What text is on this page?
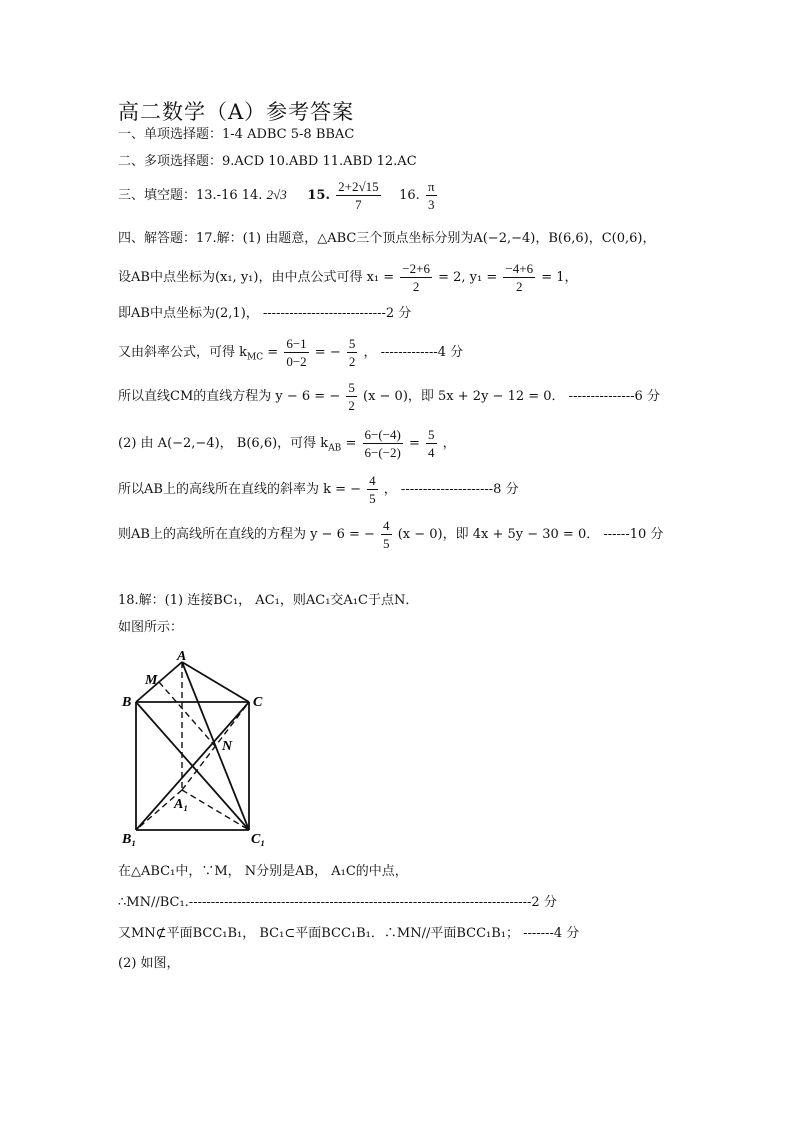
高二数学（A）参考答案
一、单项选择题：1-4 ADBC 5-8 BBAC
二、多项选择题：9.ACD 10.ABD 11.ABD 12.AC
三、填空题：13.-16 14. 2√3 15. $\frac{2+2√15}{7} 16$. $\frac{\pi}{3}$
四、解答题：17.解：(1) 由题意，△ABC三个顶点坐标分别为A(−2,−4)，B(6,6)，C(0,6)，
设AB中点坐标为(x₁, y₁)，由中点公式可得 $x_1 = \frac{-2+6}{2} = 2$, $y_1 = \frac{-4+6}{2} = 1$，
即AB中点坐标为(2,1)， ----------------------------2 分
又由斜率公式，可得 $k_{MC} = \frac{6-1}{0-2}$ = − $\frac{5}{2}$ ， -------------4 分
所以直线CM的直线方程为 y − 6 = − $\frac{5}{2} (x - 0)$，即 5x + 2y − 12 = 0． ---------------6 分
(2) 由 A(−2,−4)， B(6,6)，可得 $k_{AB} = \frac{6-(-4)}{6-(-2)} = \frac{5}{4}$ ，
所以AB上的高线所在直线的斜率为 k = − $\frac{4}{5}$ ， ---------------------8 分
则AB上的高线所在直线的方程为 y − 6 = − $\frac{4}{5} (x - 0)$，即 4x + 5y − 30 = 0． ------10 分
18.解：(1) 连接BC₁， AC₁，则AC₁交A₁C于点N．
如图所示：
A
M
B	C
N
A₁
B₁	C₁
在△ABC₁中，∵M， N分别是AB， A₁C的中点，
∴MN//BC₁.------------------------------------------------------------------------------2 分
又MN⊄平面BCC₁B₁， BC₁⊂平面BCC₁B₁．∴MN//平面BCC₁B₁； -------4 分
(2) 如图，
